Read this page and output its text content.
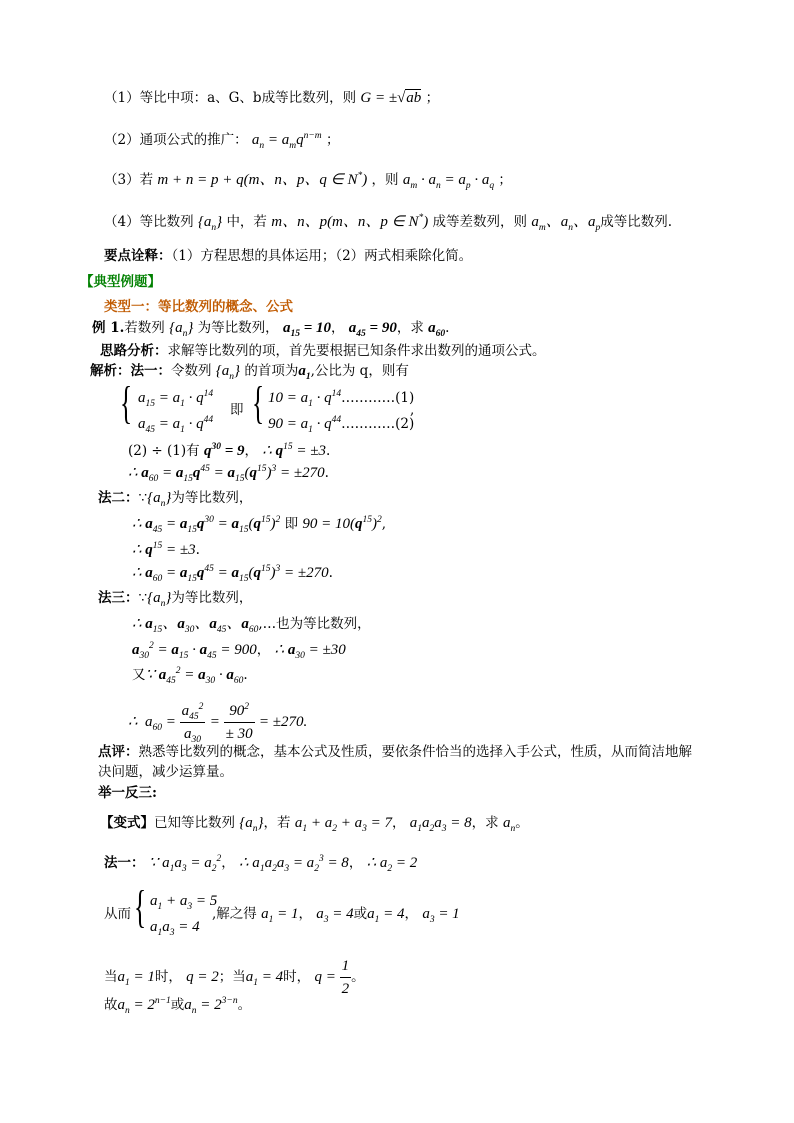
（1）等比中项：a、G、b成等比数列，则 G = ±√ab ；
（2）通项公式的推广： $a_n = a_mq^{n-m}$ ；
（3）若 m + n = p + q(m、n、p、q ∈ N*) ，则 $a_m \cdot a_n = a_p \cdot a_q$ ；
（4）等比数列 $\{a_n\}$ 中，若 m、n、p(m、n、p ∈ N*) 成等差数列，则 $a_m$、$a_n$、$a_p$成等比数列.
要点诠释：（1）方程思想的具体运用；（2）两式相乘除化简。
【典型例题】
类型一：等比数列的概念、公式
例 1.若数列 $\{a_n\}$ 为等比数列， $a_{15} = 10$， $a_{45} = 90$，求 $a_{60}$.
思路分析：求解等比数列的项，首先要根据已知条件求出数列的通项公式。
解析：法一：令数列 $\{a_n\}$ 的首项为$a_1$,公比为 q，则有
{ $a_{15} = a_1 \cdot q^{14}$
$a_{45} = a_1 \cdot q^{44}$
即 { $10 = a_1$ · $q^{14}\dots\dots\dots\dots(1)$
$90 = a_1$ · $q^{44}\dots\dots\dots\dots(2)$
,
(2) ÷ (1)有 $q^{30} = 9$， ∴ $q^{15} = \pm 3$.
∴ $a_{60} = a_{15}q^{45} = a_{15}(q^{15})^3 = \pm 270$.
法二：$\because\{a_n\}$为等比数列，
∴ $a_{45} = a_{15}q^{30} = a_{15}(q^{15})^2$ 即 $90 = 10(q^{15})^2$,
∴ $q^{15} = \pm 3$.
∴ $a_{60} = a_{15}q^{45} = a_{15}(q^{15})^3 = \pm 270$.
法三：$\because\{a_n\}$为等比数列，
∴ $a_{15}$、$a_{30}$、$a_{45}$、$a_{60},\dots$也为等比数列，
$a_{30}^2 = a_{15} \cdot a_{45} = 900$， ∴ $a_{30} = \pm 30$
又∵ $a_{45}^2 = a_{30} \cdot a_{60}$.
∴  $a_{60} = \frac{a_{45}^2}{a_{30}} = \frac{90^2}{\pm 30} = \pm 270$.
点评：熟悉等比数列的概念，基本公式及性质，要依条件恰当的选择入手公式，性质，从而简洁地解
决问题，减少运算量。
举一反三:
【变式】已知等比数列 $\{a_n\}$，若 $a_1 + a_2 + a_3 = 7$， $a_1a_2a_3 = 8$，求 $a_n$。
法一： ∵ $a_1a_3 = a_2^2$， ∴ $a_1a_2a_3 = a_2^3 = 8$， ∴ $a_2 = 2$
从而 { $a_1 + a_3 = 5$
$a_1a_3 = 4$
,解之得 $a_1 = 1$， $a_3 = 4$或$a_1 = 4$， $a_3 = 1$
当$a_1 = 1$时， q = 2；当$a_1 = 4$时， $q = \frac{1}{2}$ 。
故$a_n = 2^{n-1}$或$a_n = 2^{3-n}$。
